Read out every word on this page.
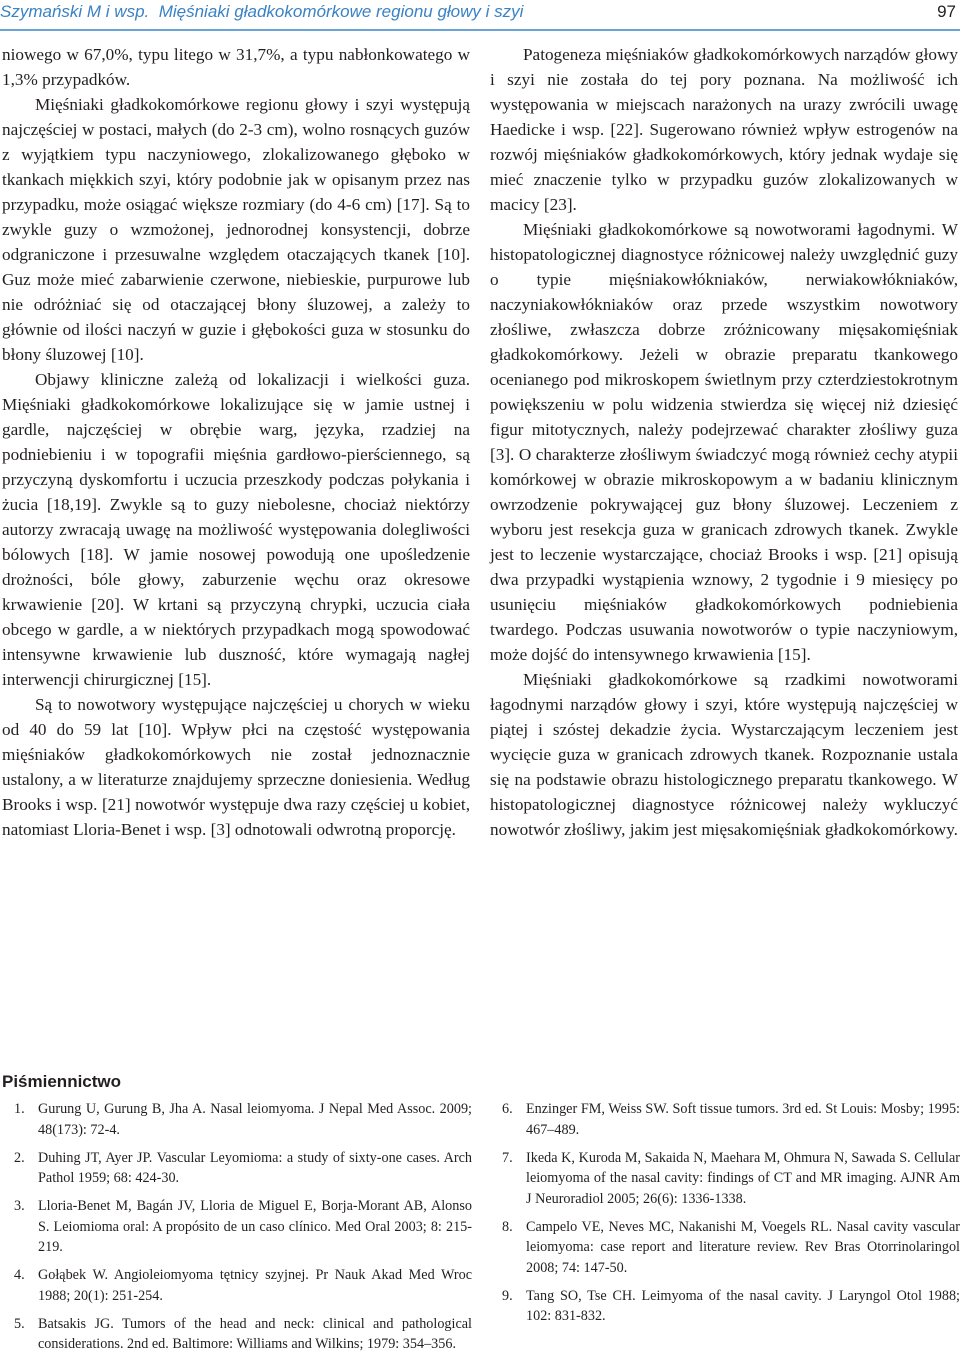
Szymański M i wsp. Mięśniaki gładkokomórkowe regionu głowy i szyi	97

niowego w 67,0%, typu litego w 31,7%, a typu nabłonkowatego w 1,3% przypadków.

Mięśniaki gładkokomórkowe regionu głowy i szyi występują najczęściej w postaci, małych (do 2-3 cm), wolno rosnących guzów z wyjątkiem typu naczyniowego, zlokalizowanego głęboko w tkankach miękkich szyi, który podobnie jak w opisanym przez nas przypadku, może osiągać większe rozmiary (do 4-6 cm) [17]. Są to zwykle guzy o wzmożonej, jednorodnej konsystencji, dobrze odgraniczone i przesuwalne względem otaczających tkanek [10]. Guz może mieć zabarwienie czerwone, niebieskie, purpurowe lub nie odróżniać się od otaczającej błony śluzowej, a zależy to głównie od ilości naczyń w guzie i głębokości guza w stosunku do błony śluzowej [10].

Objawy kliniczne zależą od lokalizacji i wielkości guza. Mięśniaki gładkokomórkowe lokalizujące się w jamie ustnej i gardle, najczęściej w obrębie warg, języka, rzadziej na podniebieniu i w topografii mięśnia gardłowo-pierściennego, są przyczyną dyskomfortu i uczucia przeszkody podczas połykania i żucia [18,19]. Zwykle są to guzy niebolesne, chociaż niektórzy autorzy zwracają uwagę na możliwość występowania dolegliwości bólowych [18]. W jamie nosowej powodują one upośledzenie drożności, bóle głowy, zaburzenie węchu oraz okresowe krwawienie [20]. W krtani są przyczyną chrypki, uczucia ciała obcego w gardle, a w niektórych przypadkach mogą spowodować intensywne krwawienie lub duszność, które wymagają nagłej interwencji chirurgicznej [15].

Są to nowotwory występujące najczęściej u chorych w wieku od 40 do 59 lat [10]. Wpływ płci na częstość występowania mięśniaków gładkokomórkowych nie został jednoznacznie ustalony, a w literaturze znajdujemy sprzeczne doniesienia. Według Brooks i wsp. [21] nowotwór występuje dwa razy częściej u kobiet, natomiast Lloria-Benet i wsp. [3] odnotowali odwrotną proporcję.

Patogeneza mięśniaków gładkokomórkowych narządów głowy i szyi nie została do tej pory poznana. Na możliwość ich występowania w miejscach narażonych na urazy zwrócili uwagę Haedicke i wsp. [22]. Sugerowano również wpływ estrogenów na rozwój mięśniaków gładkokomórkowych, który jednak wydaje się mieć znaczenie tylko w przypadku guzów zlokalizowanych w macicy [23].

Mięśniaki gładkokomórkowe są nowotworami łagodnymi. W histopatologicznej diagnostyce różnicowej należy uwzględnić guzy o typie mięśniakowłókniaków, nerwiakowłókniaków, naczyniakowłókniaków oraz przede wszystkim nowotwory złośliwe, zwłaszcza dobrze zróżnicowany mięsakomięśniak gładkokomórkowy. Jeżeli w obrazie preparatu tkankowego ocenianego pod mikroskopem świetlnym przy czterdziestokrotnym powiększeniu w polu widzenia stwierdza się więcej niż dziesięć figur mitotycznych, należy podejrzewać charakter złośliwy guza [3]. O charakterze złośliwym świadczyć mogą również cechy atypii komórkowej w obrazie mikroskopowym a w badaniu klinicznym owrzodzenie pokrywającej guz błony śluzowej. Leczeniem z wyboru jest resekcja guza w granicach zdrowych tkanek. Zwykle jest to leczenie wystarczające, chociaż Brooks i wsp. [21] opisują dwa przypadki wystąpienia wznowy, 2 tygodnie i 9 miesięcy po usunięciu mięśniaków gładkokomórkowych podniebienia twardego. Podczas usuwania nowotworów o typie naczyniowym, może dojść do intensywnego krwawienia [15].

Mięśniaki gładkokomórkowe są rzadkimi nowotworami łagodnymi narządów głowy i szyi, które występują najczęściej w piątej i szóstej dekadzie życia. Wystarczającym leczeniem jest wycięcie guza w granicach zdrowych tkanek. Rozpoznanie ustala się na podstawie obrazu histologicznego preparatu tkankowego. W histopatologicznej diagnostyce różnicowej należy wykluczyć nowotwór złośliwy, jakim jest mięsakomięśniak gładkokomórkowy.

Piśmiennictwo
1. Gurung U, Gurung B, Jha A. Nasal leiomyoma. J Nepal Med Assoc. 2009; 48(173): 72-4.
2. Duhing JT, Ayer JP. Vascular Leyomioma: a study of sixty-one cases. Arch Pathol 1959; 68: 424-30.
3. Lloria-Benet M, Bagán JV, Lloria de Miguel E, Borja-Morant AB, Alonso S. Leiomioma oral: A propósito de un caso clínico. Med Oral 2003; 8: 215-219.
4. Gołąbek W. Angioleiomyoma tętnicy szyjnej. Pr Nauk Akad Med Wroc 1988; 20(1): 251-254.
5. Batsakis JG. Tumors of the head and neck: clinical and pathological considerations. 2nd ed. Baltimore: Williams and Wilkins; 1979: 354–356.
6. Enzinger FM, Weiss SW. Soft tissue tumors. 3rd ed. St Louis: Mosby; 1995: 467–489.
7. Ikeda K, Kuroda M, Sakaida N, Maehara M, Ohmura N, Sawada S. Cellular leiomyoma of the nasal cavity: findings of CT and MR imaging. AJNR Am J Neuroradiol 2005; 26(6): 1336-1338.
8. Campelo VE, Neves MC, Nakanishi M, Voegels RL. Nasal cavity vascular leiomyoma: case report and literature review. Rev Bras Otorrinolaringol 2008; 74: 147-50.
9. Tang SO, Tse CH. Leimyoma of the nasal cavity. J Laryngol Otol 1988; 102: 831-832.
